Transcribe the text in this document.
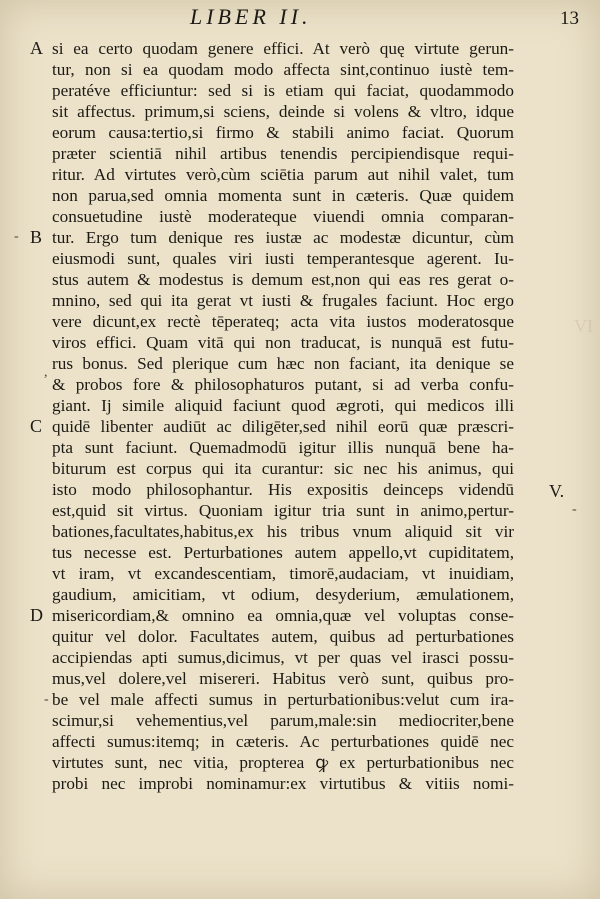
LIBER II.	13
A
B
C
D
-
,
-
-
V.
VI
si ea certo quodam genere effici. At verò quę virtute gerun-
tur, non si ea quodam modo affecta sint,continuo iustè tem-
peratéve efficiuntur: sed si is etiam qui faciat, quodammodo
sit affectus. primum,si sciens, deinde si volens & vltro, idque
eorum causa:tertio,si firmo & stabili animo faciat. Quorum
præter scientiā nihil artibus tenendis percipiendisque requi-
ritur. Ad virtutes verò,cùm sciētia parum aut nihil valet, tum
non parua,sed omnia momenta sunt in cæteris. Quæ quidem
consuetudine iustè moderateque viuendi omnia comparan-
tur. Ergo tum denique res iustæ ac modestæ dicuntur, cùm
eiusmodi sunt, quales viri iusti temperantesque agerent. Iu-
stus autem & modestus is demum est,non qui eas res gerat o-
mnino, sed qui ita gerat vt iusti & frugales faciunt. Hoc ergo
vere dicunt,ex rectè tēperateq; acta vita iustos moderatosque
viros effici. Quam vitā qui non traducat, is nunquā est futu-
rus bonus. Sed plerique cum hæc non faciant, ita denique se
& probos fore & philosophaturos putant, si ad verba confu-
giant. Ij simile aliquid faciunt quod ægroti, qui medicos illi
quidē libenter audiūt ac diligēter,sed nihil eorū quæ præscri-
pta sunt faciunt. Quemadmodū igitur illis nunquā bene ha-
biturum est corpus qui ita curantur: sic nec his animus, qui
isto modo philosophantur. His expositis deinceps videndū
est,quid sit virtus. Quoniam igitur tria sunt in animo,pertur-
bationes,facultates,habitus,ex his tribus vnum aliquid sit vir
tus necesse est. Perturbationes autem appello,vt cupiditatem,
vt iram, vt excandescentiam, timorē,audaciam, vt inuidiam,
gaudium, amicitiam, vt odium, desyderium, æmulationem,
misericordiam,& omnino ea omnia,quæ vel voluptas conse-
quitur vel dolor. Facultates autem, quibus ad perturbationes
accipiendas apti sumus,dicimus, vt per quas vel irasci possu-
mus,vel dolere,vel misereri. Habitus verò sunt, quibus pro-
be vel male affecti sumus in perturbationibus:velut cum ira-
scimur,si vehementius,vel parum,male:sin mediocriter,bene
affecti sumus:itemq; in cæteris. Ac perturbationes quidē nec
virtutes sunt, nec vitia, propterea ꝙ ex perturbationibus nec
probi nec improbi nominamur:ex virtutibus & vitiis nomi-
